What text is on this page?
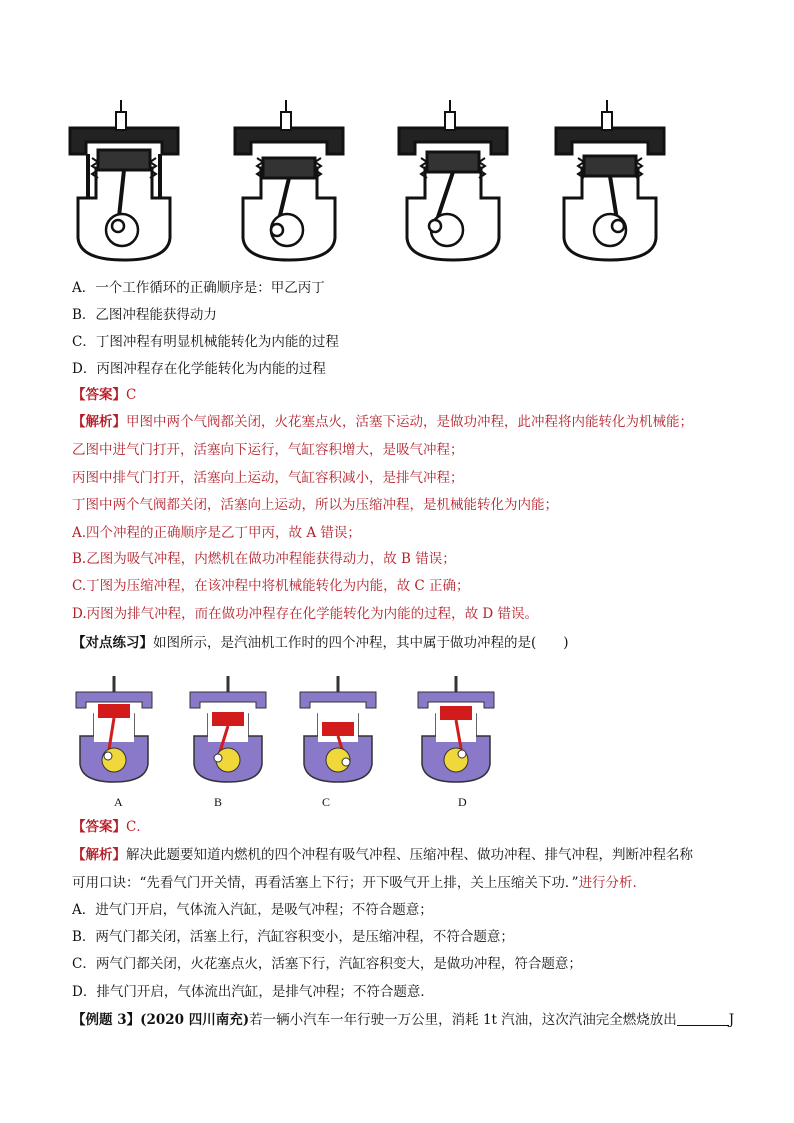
A．一个工作循环的正确顺序是：甲乙丙丁
B．乙图冲程能获得动力
C．丁图冲程有明显机械能转化为内能的过程
D．丙图冲程存在化学能转化为内能的过程
【答案】C
【解析】甲图中两个气阀都关闭，火花塞点火，活塞下运动，是做功冲程，此冲程将内能转化为机械能；
乙图中进气门打开，活塞向下运行，气缸容积增大，是吸气冲程；
丙图中排气门打开，活塞向上运动，气缸容积减小，是排气冲程；
丁图中两个气阀都关闭，活塞向上运动，所以为压缩冲程，是机械能转化为内能；
A.四个冲程的正确顺序是乙丁甲丙，故 A 错误；
B.乙图为吸气冲程，内燃机在做功冲程能获得动力，故 B 错误；
C.丁图为压缩冲程，在该冲程中将机械能转化为内能，故 C 正确；
D.丙图为排气冲程，而在做功冲程存在化学能转化为内能的过程，故 D 错误。
【对点练习】如图所示，是汽油机工作时的四个冲程，其中属于做功冲程的是(　　)
A	B	C	D
【答案】C．
【解析】解决此题要知道内燃机的四个冲程有吸气冲程、压缩冲程、做功冲程、排气冲程，判断冲程名称
可用口诀：“先看气门开关情，再看活塞上下行；开下吸气开上排，关上压缩关下功．”进行分析.
A．进气门开启，气体流入汽缸，是吸气冲程；不符合题意；
B．两气门都关闭，活塞上行，汽缸容积变小，是压缩冲程，不符合题意；
C．两气门都关闭，火花塞点火，活塞下行，汽缸容积变大，是做功冲程，符合题意；
D．排气门开启，气体流出汽缸，是排气冲程；不符合题意．
【例题 3】(2020 四川南充)若一辆小汽车一年行驶一万公里，消耗 1t 汽油，这次汽油完全燃烧放出	J
